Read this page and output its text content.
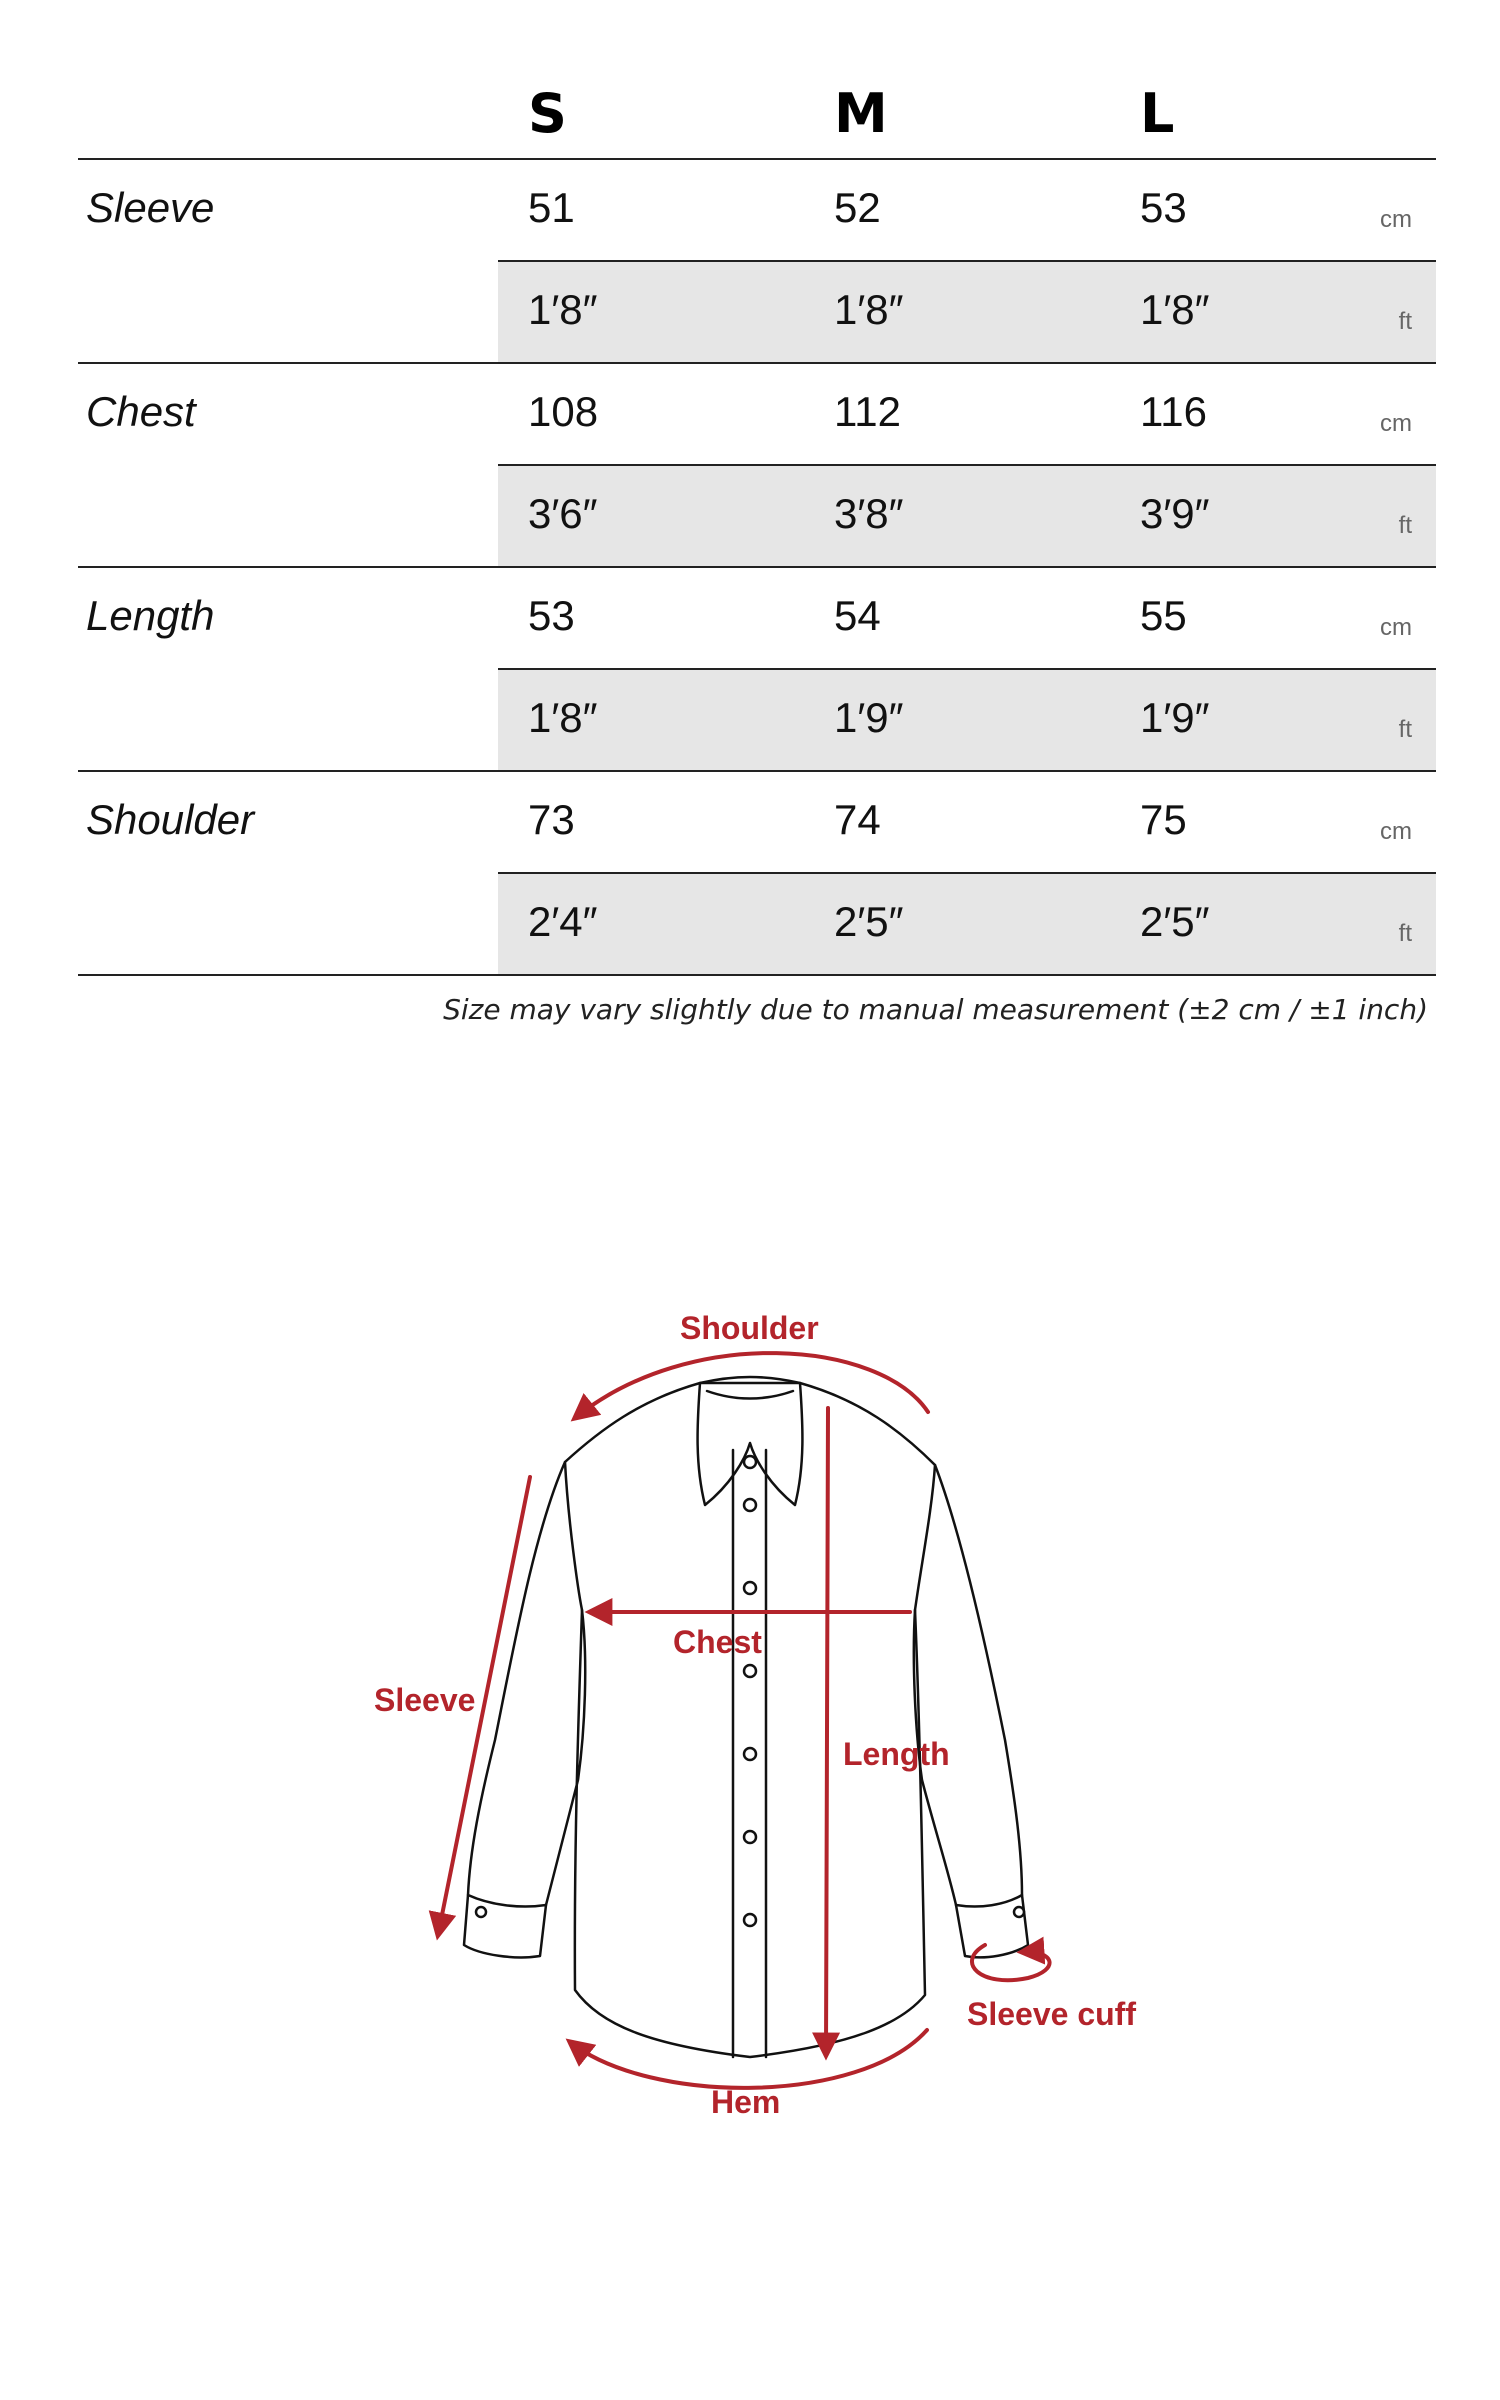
S	M	L
Sleeve	51	52	53	cm
1′8″	1′8″	1′8″	ft
Chest	108	112	116	cm
3′6″	3′8″	3′9″	ft
Length	53	54	55	cm
1′8″	1′9″	1′9″	ft
Shoulder	73	74	75	cm
2′4″	2′5″	2′5″	ft
Size may vary slightly due to manual measurement (±2 cm / ±1 inch)
Shoulder
Chest
Sleeve
Length
Sleeve cuff
Hem
